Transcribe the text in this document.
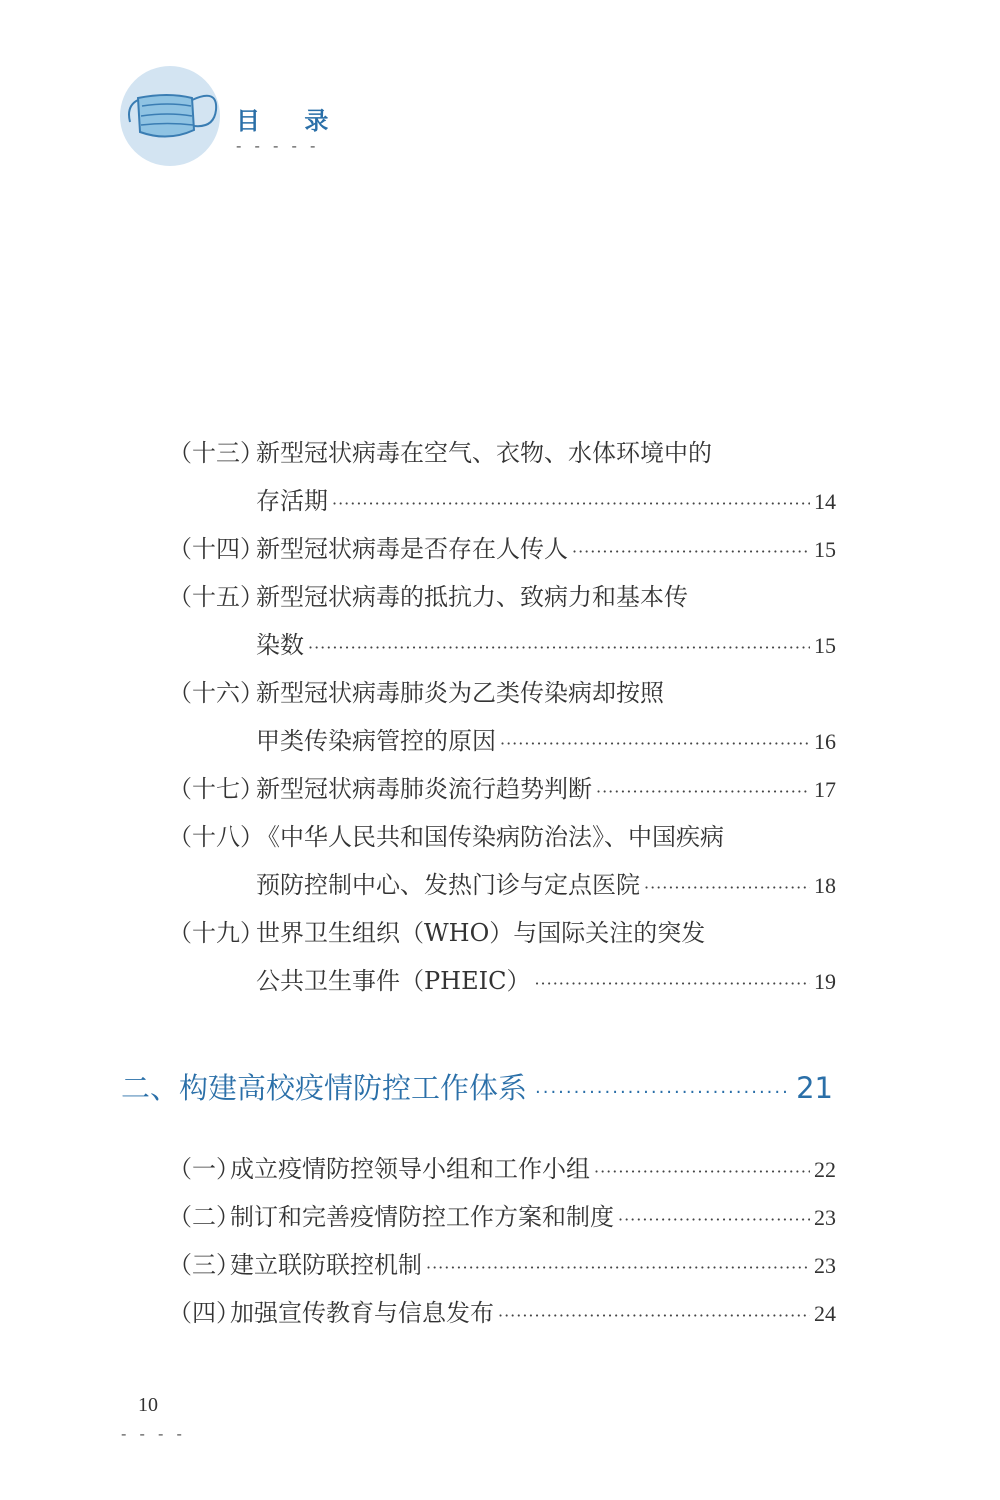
目 录
- - - - -
（十三）
新型冠状病毒在空气、衣物、水体环境中的
存活期 ·····	14
（十四）
新型冠状病毒是否存在人传人 ·····	15
（十五）
新型冠状病毒的抵抗力、致病力和基本传
染数 ·····	15
（十六）
新型冠状病毒肺炎为乙类传染病却按照
甲类传染病管控的原因 ·····	16
（十七）
新型冠状病毒肺炎流行趋势判断 ·····	17
（十八）
《中华人民共和国传染病防治法》、中国疾病
预防控制中心、发热门诊与定点医院 ·····	18
（十九）
世界卫生组织（WHO）与国际关注的突发
公共卫生事件（PHEIC） ·····	19
二、构建高校疫情防控工作体系 ·····	21
（一）
成立疫情防控领导小组和工作小组 ·····	22
（二）
制订和完善疫情防控工作方案和制度 ·····	23
（三）
建立联防联控机制 ·····	23
（四）
加强宣传教育与信息发布 ·····	24
10
- - - -
